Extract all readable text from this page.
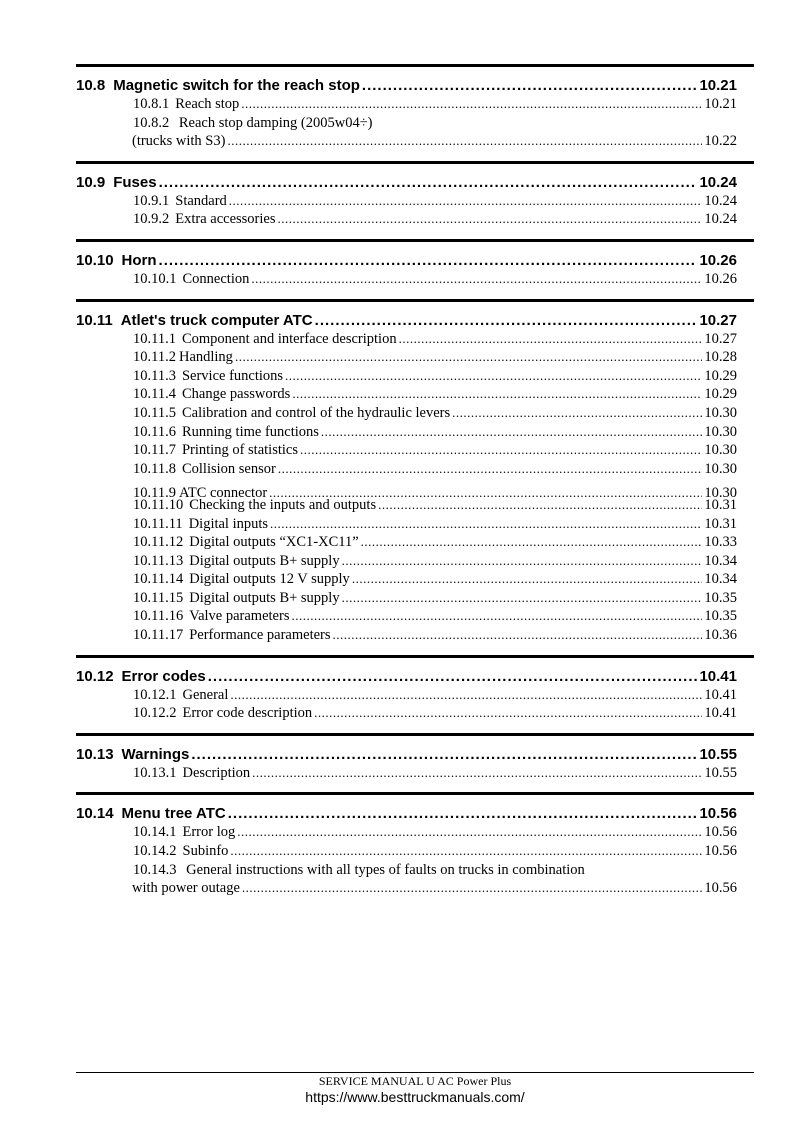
10.8 Magnetic switch for the reach stop .....	10.21
10.8.1 Reach stop .....	10.21
10.8.2 Reach stop damping (2005w04÷)
(trucks with S3) .....	10.22
10.9 Fuses .....	10.24
10.9.1 Standard .....	10.24
10.9.2 Extra accessories .....	10.24
10.10 Horn .....	10.26
10.10.1 Connection .....	10.26
10.11 Atlet's truck computer ATC .....	10.27
10.11.1 Component and interface description .....	10.27
10.11.2 Handling .....	10.28
10.11.3 Service functions .....	10.29
10.11.4 Change passwords .....	10.29
10.11.5 Calibration and control of the hydraulic levers .....	10.30
10.11.6 Running time functions .....	10.30
10.11.7 Printing of statistics .....	10.30
10.11.8 Collision sensor .....	10.30
10.11.9 ATC connector .....	10.30
10.11.10 Checking the inputs and outputs .....	10.31
10.11.11 Digital inputs .....	10.31
10.11.12 Digital outputs “XC1-XC11” .....	10.33
10.11.13 Digital outputs B+ supply .....	10.34
10.11.14 Digital outputs 12 V supply .....	10.34
10.11.15 Digital outputs B+ supply .....	10.35
10.11.16 Valve parameters .....	10.35
10.11.17 Performance parameters .....	10.36
10.12 Error codes .....	10.41
10.12.1 General .....	10.41
10.12.2 Error code description .....	10.41
10.13 Warnings .....	10.55
10.13.1 Description .....	10.55
10.14 Menu tree ATC .....	10.56
10.14.1 Error log .....	10.56
10.14.2 Subinfo .....	10.56
10.14.3 General instructions with all types of faults on trucks in combination
with power outage .....	10.56
SERVICE MANUAL U AC Power Plus
https://www.besttruckmanuals.com/
